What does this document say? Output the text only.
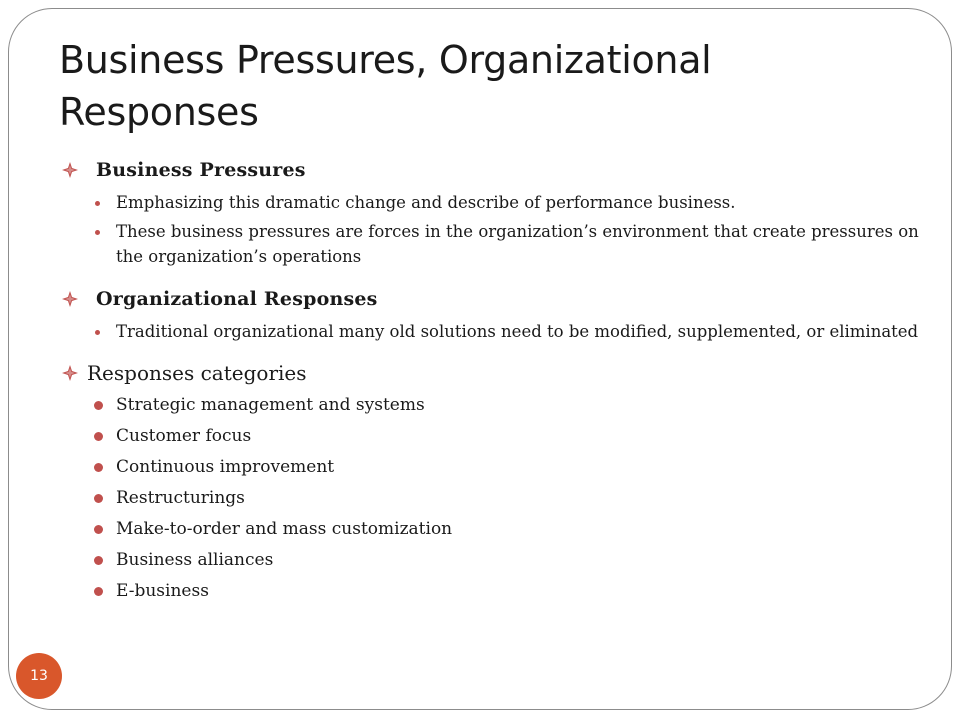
Business Pressures, Organizational Responses
Business Pressures
Emphasizing this dramatic change and describe of performance business.
These business pressures are forces in the organization’s environment that create pressures on the organization’s operations
Organizational Responses
Traditional organizational many old solutions need to be modified, supplemented, or eliminated
Responses categories
Strategic management and systems
Customer focus
Continuous improvement
Restructurings
Make-to-order and mass customization
Business alliances
E-business
13
